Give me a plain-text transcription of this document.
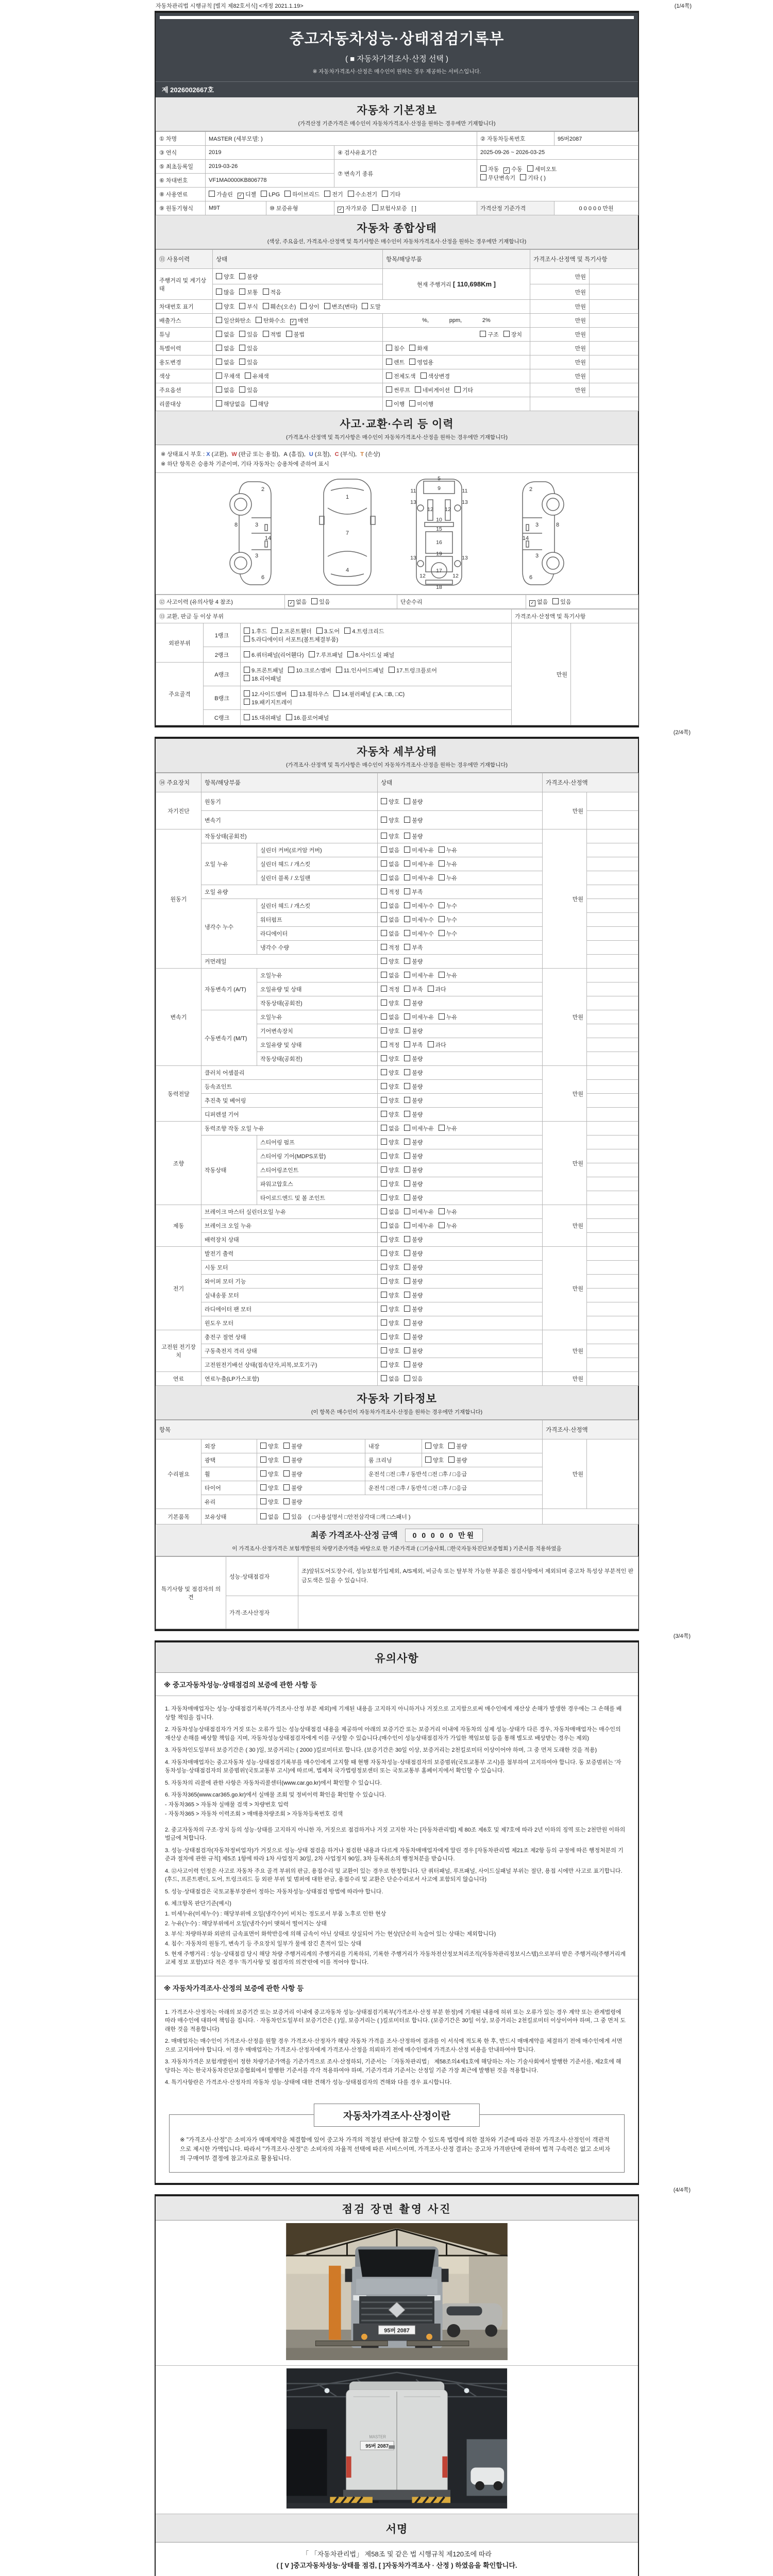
자동차관리법 시행규칙 [별지 제82호서식] <개정 2021.1.19>	(1/4쪽)
중고자동차성능·상태점검기록부
( ■ 자동차가격조사·산정 선택 )
※ 자동차가격조사·산정은 매수인이 원하는 경우 제공하는 서비스입니다.
제 2026002667호
자동차 기본정보
(가격산정 기준가격은 매수인이 자동차가격조사·산정을 원하는 경우에만 기재합니다)
① 차명	MASTER (세부모델: )			② 자동차등록번호	95버2087
③ 연식	2019		④ 검사유효기간	2025-09-26 ~ 2026-03-25	
⑤ 최초등록일	2019-03-26		⑦ 변속기 종류	자동 ✓ 수동 세미오토
무단변속기 기타 ( )	

⑥ 차대번호	VF1MA0000KB806778				
⑧ 사용연료	가솔린 ✓ 디젤 LPG 하이브리드 전기 수소전기 기타				
⑨ 원동기형식	M9T	⑩ 보증유형	✓ 자가보증 보험사보증 [ ]	가격산정 기준가격	0 0 0 0 0 만원
자동차 종합상태
(색상, 주요옵션, 가격조사·산정액 및 특기사항은 매수인이 자동차가격조사·산정을 원하는 경우에만 기재합니다)
⑪ 사용이력	상태	항목/해당부품	가격조사·산정액 및 특기사항	
주행거리 및 계기상태	양호 불량	현재 주행거리 [ 110,698Km ]	만원	
	많음 보통 적음		만원	
차대번호 표기	양호 부식 훼손(오손) 상이 변조(변타) 도말		만원	
배출가스	일산화탄소 탄화수소 ✓ 매연	%,             ppm,             2%	만원	
튜닝	없음 있음 적법 불법	구조 장치	만원	
특별이력	없음 있음	침수 화재	만원	
용도변경	없음 있음	렌트 영업용	만원	
색상	무채색 유채색	전체도색 색상변경	만원	
주요옵션	없음 있음	썬루프 네비게이션 기타	만원	
리콜대상	해당없음 해당	이행 미이행		
사고·교환·수리 등 이력
(가격조사·산정액 및 특기사항은 매수인이 자동차가격조사·산정을 원하는 경우에만 기재합니다)
※ 상태표시 부호 : X (교환), W (판금 또는 용접), A (흠집), U (요철), C (부식), T (손상)
※ 하단 항목은 승용차 기준이며, 기타 자동차는 승용차에 준하여 표시
2
8	3
14
3
6
1
7
4
5
9
11	11
13	13
12 12
10
15
16
19
13	13
12	12
17
18
2
8
3
14
3
6
⑫ 사고이력 (유의사항 4 참조)	✓ 없음 있음	단순수리	✓ 없음 있음
⑬ 교환, 판금 등 이상 부위			가격조사·산정액 및 특기사항	
외판부위	1랭크	1.후드 2.프론트휀더 3.도어 4.트렁크리드
5.라디에이터 서포트(볼트체결부품)	만원	
	2랭크	6.쿼터패널(리어휀다) 7.루프패널 8.사이드실 패널		
주요골격	A랭크	9.프론트패널 10.크로스멤버 11.인사이드패널 17.트렁크플로어
18.리어패널		

	B랭크	12.사이드멤버 13.휠하우스 14.필러패널 (□A, □B, □C)
19.패키지트레이		

	C랭크	15.대쉬패널 16.플로어패널		
(2/4쪽)
자동차 세부상태
(가격조사·산정액 및 특기사항은 매수인이 자동차가격조사·산정을 원하는 경우에만 기재합니다)
⑭ 주요장치	항목/해당부품		상태	가격조사·산정액	
자기진단	원동기		양호 불량	만원	
	변속기		양호 불량		
원동기	작동상태(공회전)		양호 불량	만원	
	오일 누유	실린더 커버(로커암 커버)	없음 미세누유 누유		
		실린더 헤드 / 개스킷	없음 미세누유 누유		
		실린더 블록 / 오일팬	없음 미세누유 누유		
	오일 유량		적정 부족		
	냉각수 누수	실린더 헤드 / 개스킷	없음 미세누수 누수		
		워터펌프	없음 미세누수 누수		
		라디에이터	없음 미세누수 누수		
		냉각수 수량	적정 부족		
	커먼레일		양호 불량		
변속기	자동변속기 (A/T)	오일누유	없음 미세누유 누유	만원	
		오일유량 및 상태	적정 부족 과다		
		작동상태(공회전)	양호 불량		
	수동변속기 (M/T)	오일누유	없음 미세누유 누유		
		기어변속장치	양호 불량		
		오일유량 및 상태	적정 부족 과다		
		작동상태(공회전)	양호 불량		
동력전달	클러치 어셈블리		양호 불량	만원	
	등속죠인트		양호 불량		
	추진축 및 베어링		양호 불량		
	디퍼렌셜 기어		양호 불량		
조향	동력조향 작동 오일 누유		없음 미세누유 누유	만원	
	작동상태	스티어링 펌프	양호 불량		
		스티어링 기어(MDPS포함)	양호 불량		
		스티어링조인트	양호 불량		
		파워고압호스	양호 불량		
		타이로드엔드 및 볼 조인트	양호 불량		
제동	브레이크 마스터 실린더오일 누유		없음 미세누유 누유	만원	
	브레이크 오일 누유		없음 미세누유 누유		
	배력장치 상태		양호 불량		
전기	발전기 출력		양호 불량	만원	
	시동 모터		양호 불량		
	와이퍼 모터 기능		양호 불량		
	실내송풍 모터		양호 불량		
	라디에이터 팬 모터		양호 불량		
	윈도우 모터		양호 불량		
고전원 전기장치	충전구 절연 상태		양호 불량	만원	
	구동축전지 격리 상태		양호 불량		
	고전원전기배선 상태(접속단자,피복,보호기구)		양호 불량		
연료	연료누출(LP가스포함)		없음 있음	만원	
자동차 기타정보
(이 항목은 매수인이 자동차가격조사·산정을 원하는 경우에만 기재합니다)
항목					가격조사·산정액	
수리필요	외장	양호 불량	내장	양호 불량	만원	
	광택	양호 불량	룸 크리닝	양호 불량		
	휠	양호 불량	운전석 □전 □후 / 동반석 □전 □후 / □응급			
	타이어	양호 불량	운전석 □전 □후 / 동반석 □전 □후 / □응급			
	유리	양호 불량				
기본품목	보유상태	없음 있음 ( □사용설명서 □안전삼각대 □잭 □스패너 )				
최종 가격조사·산정 금액 0 0 0 0 0 만원
이 가격조사·산정가격은 보험개발원의 차량기준가액을 바탕으로 한 기준가격과 ( □기술사회, □한국자동차진단보증협회 ) 기준서를 적용하였음
특기사항 및 점검자의 의견	성능·상태점검자	조)앞뒤도어도장수리, 성능보험가입제외, A/S제외, 비금속 또는 탈부착 가능한 부품은 점검사항에서 제외되며 중고차 특성상 부분적인 판금도색은 있을 수 있습니다.
	가격·조사산정자	
(3/4쪽)
유의사항
※ 중고자동차성능·상태점검의 보증에 관한 사항 등

1. 자동차매매업자는 성능·상태점검기록부(가격조사·산정 부분 제외)에 기재된 내용을 고지하지 아니하거나 거짓으로 고지함으로써 매수인에게 재산상 손해가 발생한 경우에는 그 손해를 배상할 책임을 집니다.

2. 자동차성능상태점검자가 거짓 또는 오류가 있는 성능상태점검 내용을 제공하여 아래의 보증기간 또는 보증거리 이내에 자동차의 실제 성능·상태가 다른 경우, 자동차매매업자는 매수인의 재산상 손해를 배상할 책임을 지며, 자동차성능상태점검자에게 이를 구상할 수 있습니다.(매수인이 성능상태점검자가 가입한 책임보험 등을 통해 별도로 배상받는 경우는 제외)

3. 자동차인도일부터 보증기간은 ( 30 )일, 보증거리는 ( 2000 )킬로미터로 합니다. (보증기간은 30일 이상, 보증거리는 2천킬로미터 이상이어야 하며, 그 중 먼저 도래한 것을 적용)

4. 자동차매매업자는 중고자동차 성능·상태점검기록부를 매수인에게 고지할 때 현행 자동차성능·상태점검자의 보증범위(국토교통부 고시)를 첨부하여 고지하여야 합니다. 동 보증범위는 '자동차성능·상태점검자의 보증범위'(국토교통부 고시)에 따르며, 법제처 국가법령정보센터 또는 국토교통부 홈페이지에서 확인할 수 있습니다.

5. 자동차의 리콜에 관한 사항은 자동차리콜센터(www.car.go.kr)에서 확인할 수 있습니다.

6. 자동차365(www.car365.go.kr)에서 실매물 조회 및 정비이력 확인을 확인할 수 있습니다.

- 자동차365 > 자동차 실매물 검색 > 차량번호 입력

- 자동차365 > 자동차 이력조회 > 매매용차량조회 > 자동차등록번호 검색

2. 중고자동차의 구조·장치 등의 성능·상태를 고지하지 아니한 자, 거짓으로 점검하거나 거짓 고지한 자는 [자동차관리법] 제 80조 제6호 및 제7호에 따라 2년 이하의 징역 또는 2천만원 이하의 벌금에 처합니다.

3. 성능·상태점검자(자동차정비업자)가 거짓으로 성능·상태 점검을 하거나 점검한 내용과 다르게 자동차매매업자에게 알린 경우 [자동차관리법 제21조 제2항 등의 규정에 따른 행정처분의 기준과 절차에 관한 규칙] 제5조 1항에 따라 1차 사업정지 30일, 2차 사업정지 90일, 3차 등록취소의 행정처분을 받습니다.

4. ⑫사고이력 인정은 사고로 자동차 주요 골격 부위의 판금, 용접수리 및 교환이 있는 경우로 한정합니다. 단 쿼터패널, 루프패널, 사이드실패널 부위는 절단, 용접 시에만 사고로 표기합니다. (후드, 프론트펜더, 도어, 트렁크리드 등 외판 부위 및 범퍼에 대한 판금, 용접수리 및 교환은 단순수리로서 사고에 포함되지 않습니다)

5. 성능·상태점검은 국토교통부장관이 정하는 자동차성능·상태점검 방법에 따라야 합니다.

6. 체크항목 판단기준(예시)

1. 미세누유(미세누수) : 해당부위에 오일(냉각수)이 비치는 정도로서 부품 노후로 인한 현상

2. 누유(누수) : 해당부위에서 오일(냉각수)이 맺혀서 떨어지는 상태

3. 부식: 차량하부와 외판의 금속표면이 화학반응에 의해 금속이 아닌 상태로 상실되어 가는 현상(단순히 녹슬어 있는 상태는 제외합니다)

4. 침수: 자동차의 원동기, 변속기 등 주요장치 일부가 물에 잠긴 흔적이 있는 상태

5. 현재 주행거리 : 성능·상태점검 당시 해당 차량 주행거리계의 주행거리를 기록하되, 기록한 주행거리가 자동차전산정보처리조직(자동차관리정보시스템)으로부터 받은 주행거리(주행거리계 교체 정보 포함)보다 적은 경우 '특기사항 및 점검자의 의견'란에 이를 적어야 합니다.

※ 자동차가격조사·산정의 보증에 관한 사항 등

1. 가격조사·산정자는 아래의 보증기간 또는 보증거리 이내에 중고자동차 성능·상태점검기록부(가격조사·산정 부분 한정)에 기재된 내용에 허위 또는 오류가 있는 경우 계약 또는 관계법령에 따라 매수인에 대하여 책임을 집니다. · 자동차인도일부터 보증기간은 ( )일, 보증거리는 ( )킬로미터로 합니다. (보증기간은 30일 이상, 보증거리는 2천킬로미터 이상이어야 하며, 그 중 먼저 도래한 것을 적용합니다)

2. 매매업자는 매수인이 가격조사·산정을 원할 경우 가격조사·산정자가 해당 자동차 가격을 조사·산정하여 결과를 이 서식에 적도록 한 후, 반드시 매매계약을 체결하기 전에 매수인에게 서면으로 고지하여야 합니다. 이 경우 매매업자는 가격조사·산정자에게 가격조사·산정을 의뢰하기 전에 매수인에게 가격조사·산정 비용을 안내하여야 합니다.

3. 자동차가격은 보험개발원이 정한 차량기준가액을 기준가격으로 조사·산정하되, 기준서는 「자동차관리법」 제58조의4제1호에 해당하는 자는 기술사회에서 발행한 기준서를, 제2호에 해당하는 자는 한국자동차진단보증협회에서 발행한 기준서를 각각 적용하여야 하며, 기준가격과 기준서는 산정일 기준 가장 최근에 발행된 것을 적용합니다.

4. 특기사항란은 가격조사·산정자의 자동차 성능·상태에 대한 견해가 성능·상태점검자의 견해와 다를 경우 표시합니다.

자동차가격조사·산정이란

※ "가격조사·산정"은 소비자가 매매계약을 체결함에 있어 중고차 가격의 적절성 판단에 참고할 수 있도록 법령에 의한 절차와 기준에 따라 전문 가격조사·산정인이 객관적으로 제시한 가액입니다. 따라서 "가격조사·산정"은 소비자의 자율적 선택에 따른 서비스이며, 가격조사·산정 결과는 중고차 가격판단에 관하여 법적 구속력은 없고 소비자의 구매여부 결정에 참고자료로 활용됩니다.

(4/4쪽)
점검 장면 촬영 사진
95버 2087
MASTER
95버 2087
서명
「 「자동차관리법」 제58조 및 같은 법 시행규칙 제120조에 따라
( [ V ]중고자동차성능·상태를 점검, [ ]자동차가격조사 · 산정 ) 하였음을 확인합니다.
